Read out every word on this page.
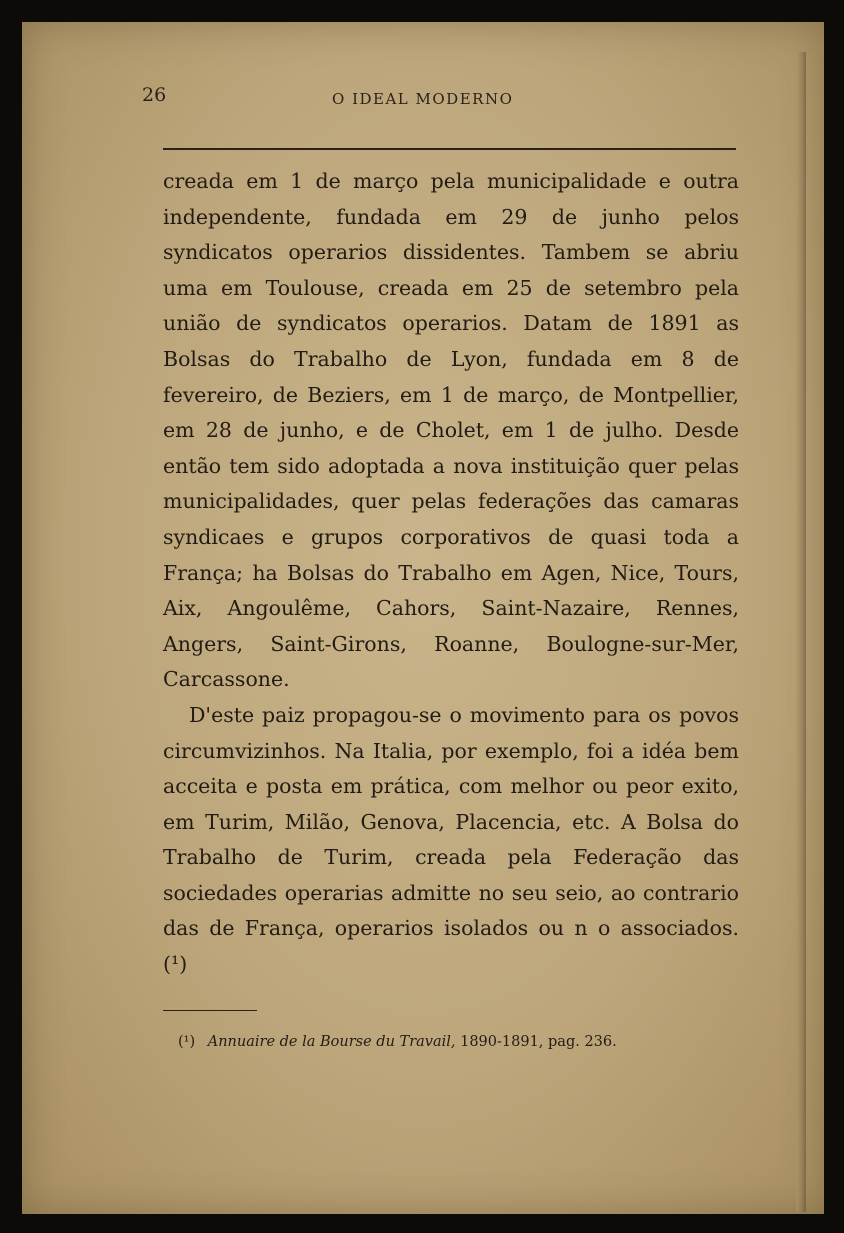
26	O IDEAL MODERNO

creada em 1 de março pela municipalidade e outra independente, fundada em 29 de junho pelos syndicatos operarios dissidentes. Tambem se abriu uma em Toulouse, creada em 25 de setembro pela união de syndicatos operarios. Datam de 1891 as Bolsas do Trabalho de Lyon, fundada em 8 de fevereiro, de Beziers, em 1 de março, de Montpellier, em 28 de junho, e de Cholet, em 1 de julho. Desde então tem sido adoptada a nova instituição quer pelas municipalidades, quer pelas federações das camaras syndicaes e grupos corporativos de quasi toda a França; ha Bolsas do Trabalho em Agen, Nice, Tours, Aix, Angoulême, Cahors, Saint-Nazaire, Rennes, Angers, Saint-Girons, Roanne, Boulogne-sur-Mer, Carcassone.

D'este paiz propagou-se o movimento para os povos circumvizinhos. Na Italia, por exemplo, foi a idéa bem acceita e posta em prática, com melhor ou peor exito, em Turim, Milão, Genova, Placencia, etc. A Bolsa do Trabalho de Turim, creada pela Federação das sociedades operarias admitte no seu seio, ao contrario das de França, operarios isolados ou n o associados. (¹)

(¹) Annuaire de la Bourse du Travail, 1890-1891, pag. 236.
